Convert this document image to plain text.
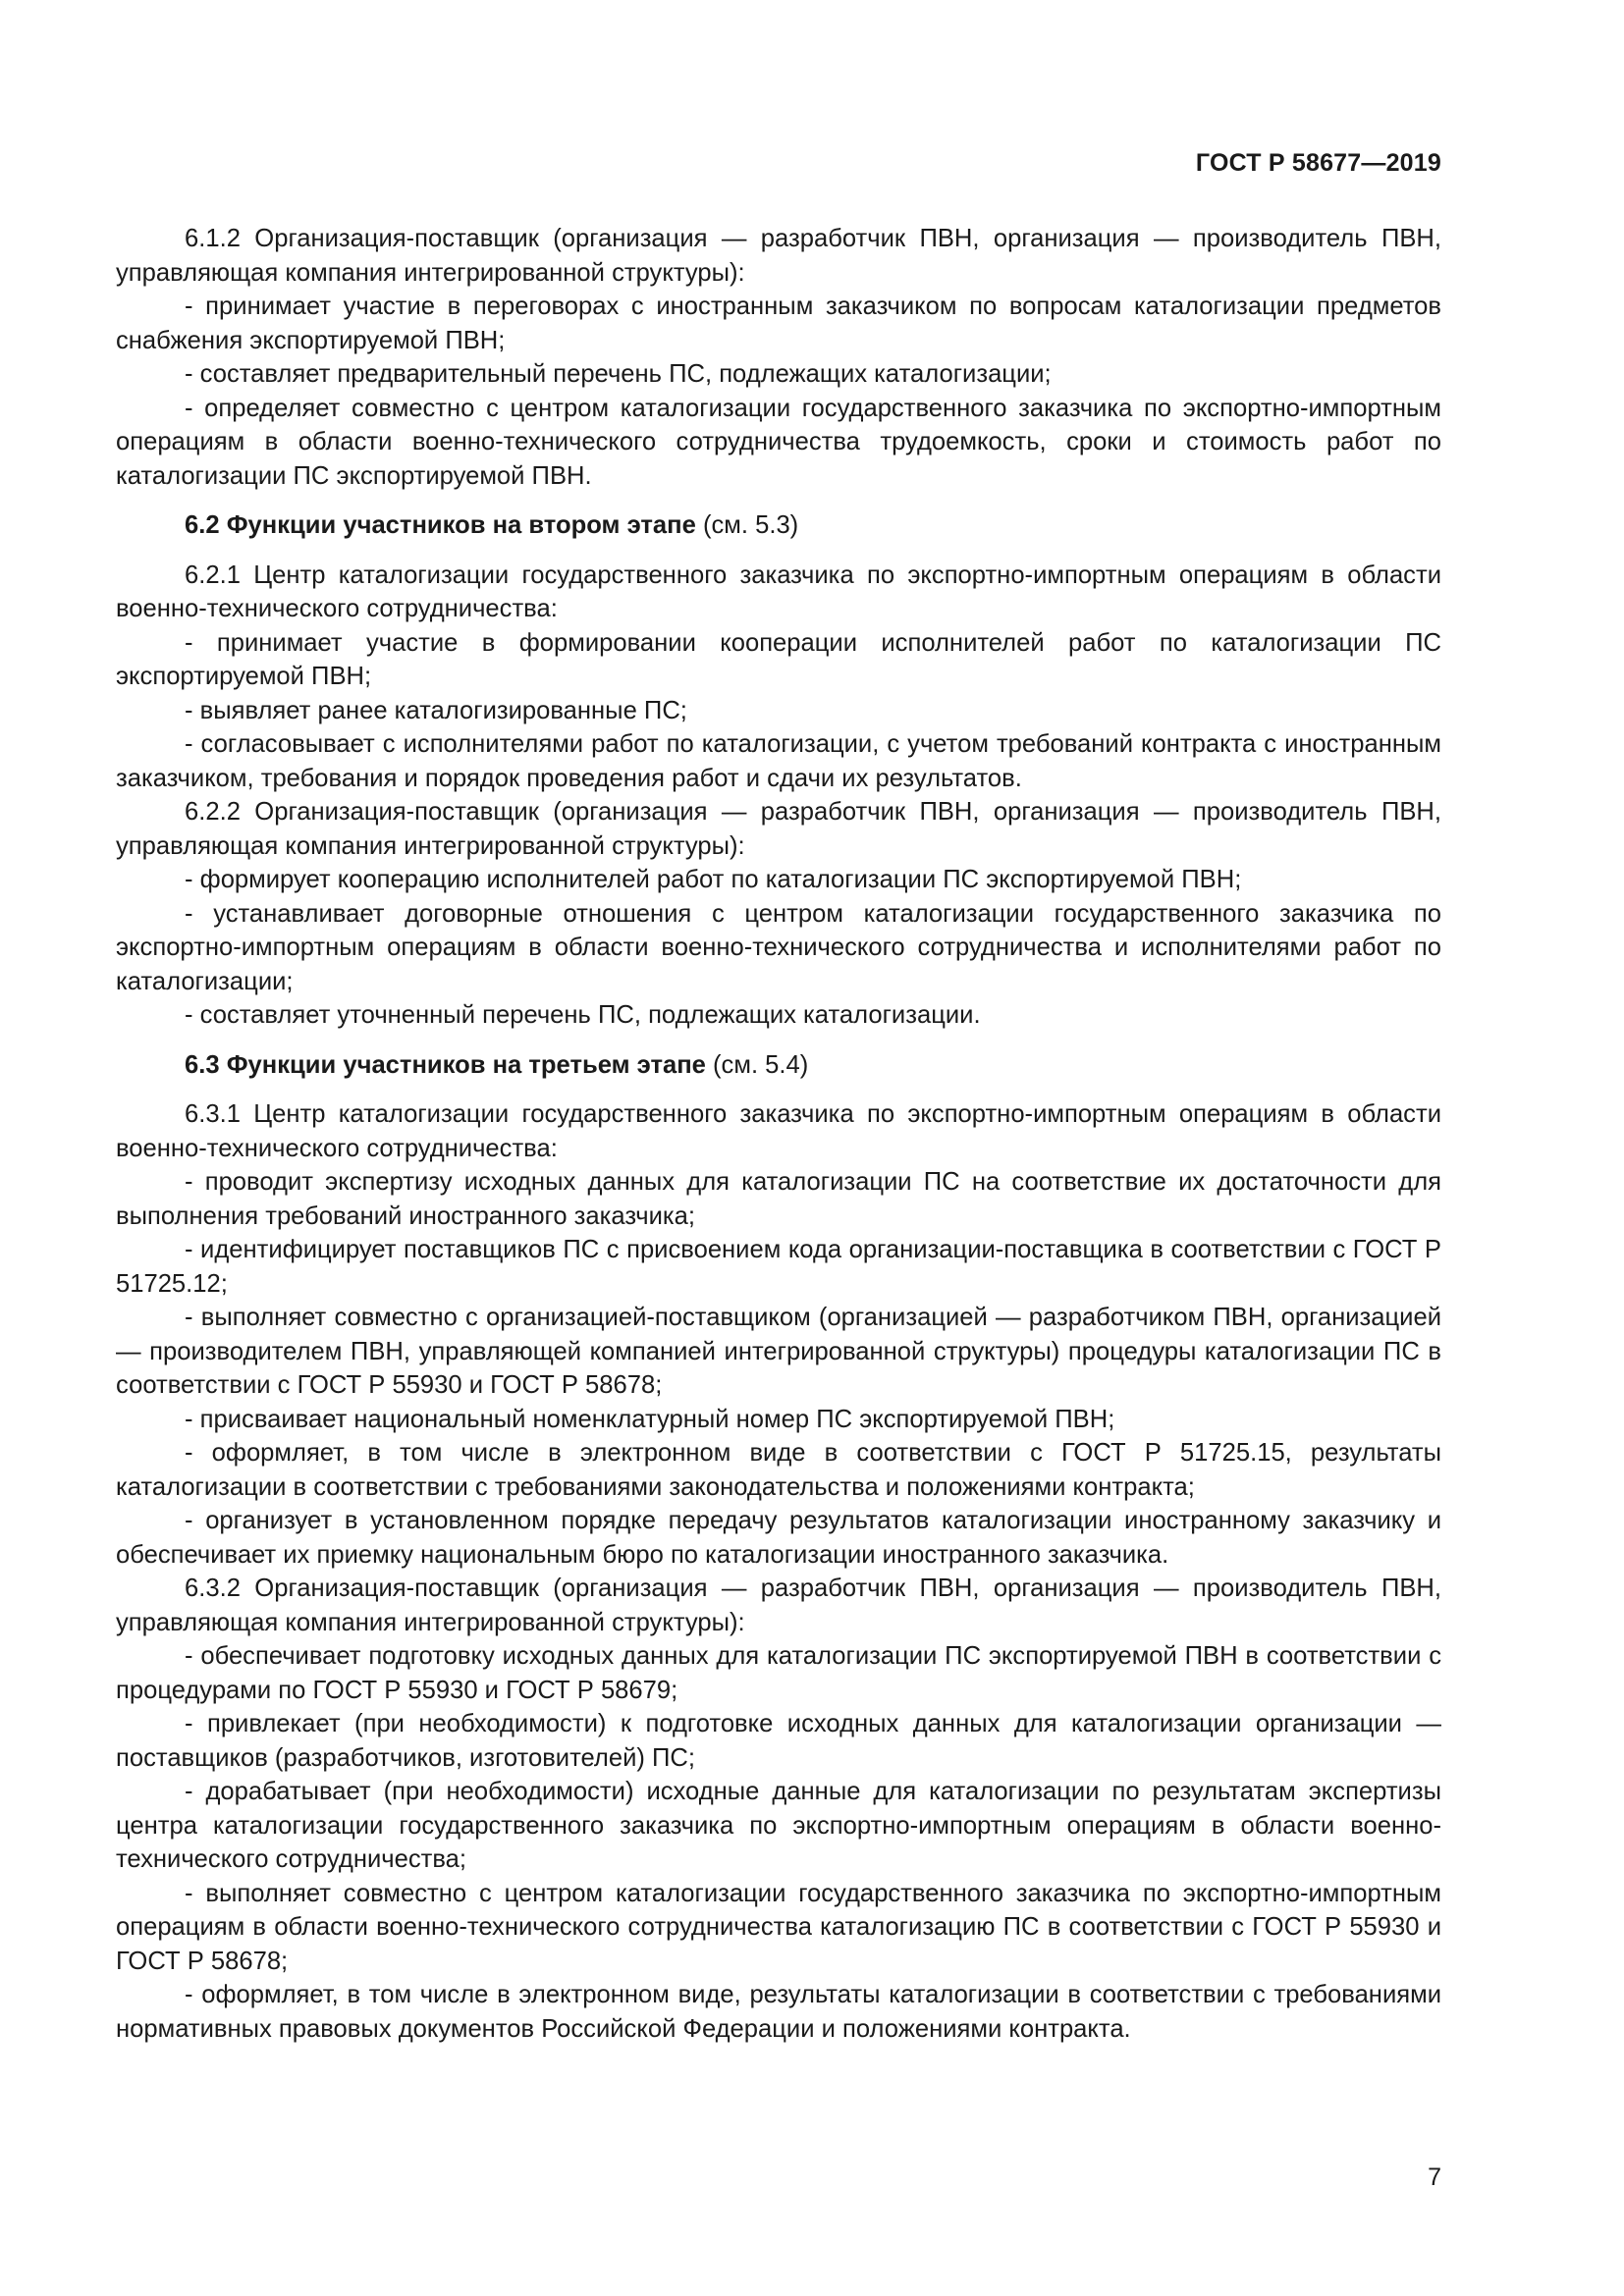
ГОСТ Р 58677—2019

6.1.2 Организация-поставщик (организация — разработчик ПВН, организация — производитель ПВН, управляющая компания интегрированной структуры):

- принимает участие в переговорах с иностранным заказчиком по вопросам каталогизации предметов снабжения экспортируемой ПВН;

- составляет предварительный перечень ПС, подлежащих каталогизации;

- определяет совместно с центром каталогизации государственного заказчика по экспортно-импортным операциям в области военно-технического сотрудничества трудоемкость, сроки и стоимость работ по каталогизации ПС экспортируемой ПВН.

6.2 Функции участников на втором этапе (см. 5.3)

6.2.1 Центр каталогизации государственного заказчика по экспортно-импортным операциям в области военно-технического сотрудничества:

- принимает участие в формировании кооперации исполнителей работ по каталогизации ПС экспортируемой ПВН;

- выявляет ранее каталогизированные ПС;

- согласовывает с исполнителями работ по каталогизации, с учетом требований контракта с иностранным заказчиком, требования и порядок проведения работ и сдачи их результатов.

6.2.2 Организация-поставщик (организация — разработчик ПВН, организация — производитель ПВН, управляющая компания интегрированной структуры):

- формирует кооперацию исполнителей работ по каталогизации ПС экспортируемой ПВН;

- устанавливает договорные отношения с центром каталогизации государственного заказчика по экспортно-импортным операциям в области военно-технического сотрудничества и исполнителями работ по каталогизации;

- составляет уточненный перечень ПС, подлежащих каталогизации.

6.3 Функции участников на третьем этапе (см. 5.4)

6.3.1 Центр каталогизации государственного заказчика по экспортно-импортным операциям в области военно-технического сотрудничества:

- проводит экспертизу исходных данных для каталогизации ПС на соответствие их достаточности для выполнения требований иностранного заказчика;

- идентифицирует поставщиков ПС с присвоением кода организации-поставщика в соответствии с ГОСТ Р 51725.12;

- выполняет совместно с организацией-поставщиком (организацией — разработчиком ПВН, организацией — производителем ПВН, управляющей компанией интегрированной структуры) процедуры каталогизации ПС в соответствии с ГОСТ Р 55930 и ГОСТ Р 58678;

- присваивает национальный номенклатурный номер ПС экспортируемой ПВН;

- оформляет, в том числе в электронном виде в соответствии с ГОСТ Р 51725.15, результаты каталогизации в соответствии с требованиями законодательства и положениями контракта;

- организует в установленном порядке передачу результатов каталогизации иностранному заказчику и обеспечивает их приемку национальным бюро по каталогизации иностранного заказчика.

6.3.2 Организация-поставщик (организация — разработчик ПВН, организация — производитель ПВН, управляющая компания интегрированной структуры):

- обеспечивает подготовку исходных данных для каталогизации ПС экспортируемой ПВН в соответствии с процедурами по ГОСТ Р 55930 и ГОСТ Р 58679;

- привлекает (при необходимости) к подготовке исходных данных для каталогизации организации — поставщиков (разработчиков, изготовителей) ПС;

- дорабатывает (при необходимости) исходные данные для каталогизации по результатам экспертизы центра каталогизации государственного заказчика по экспортно-импортным операциям в области военно-технического сотрудничества;

- выполняет совместно с центром каталогизации государственного заказчика по экспортно-импортным операциям в области военно-технического сотрудничества каталогизацию ПС в соответствии с ГОСТ Р 55930 и ГОСТ Р 58678;

- оформляет, в том числе в электронном виде, результаты каталогизации в соответствии с требованиями нормативных правовых документов Российской Федерации и положениями контракта.

7
